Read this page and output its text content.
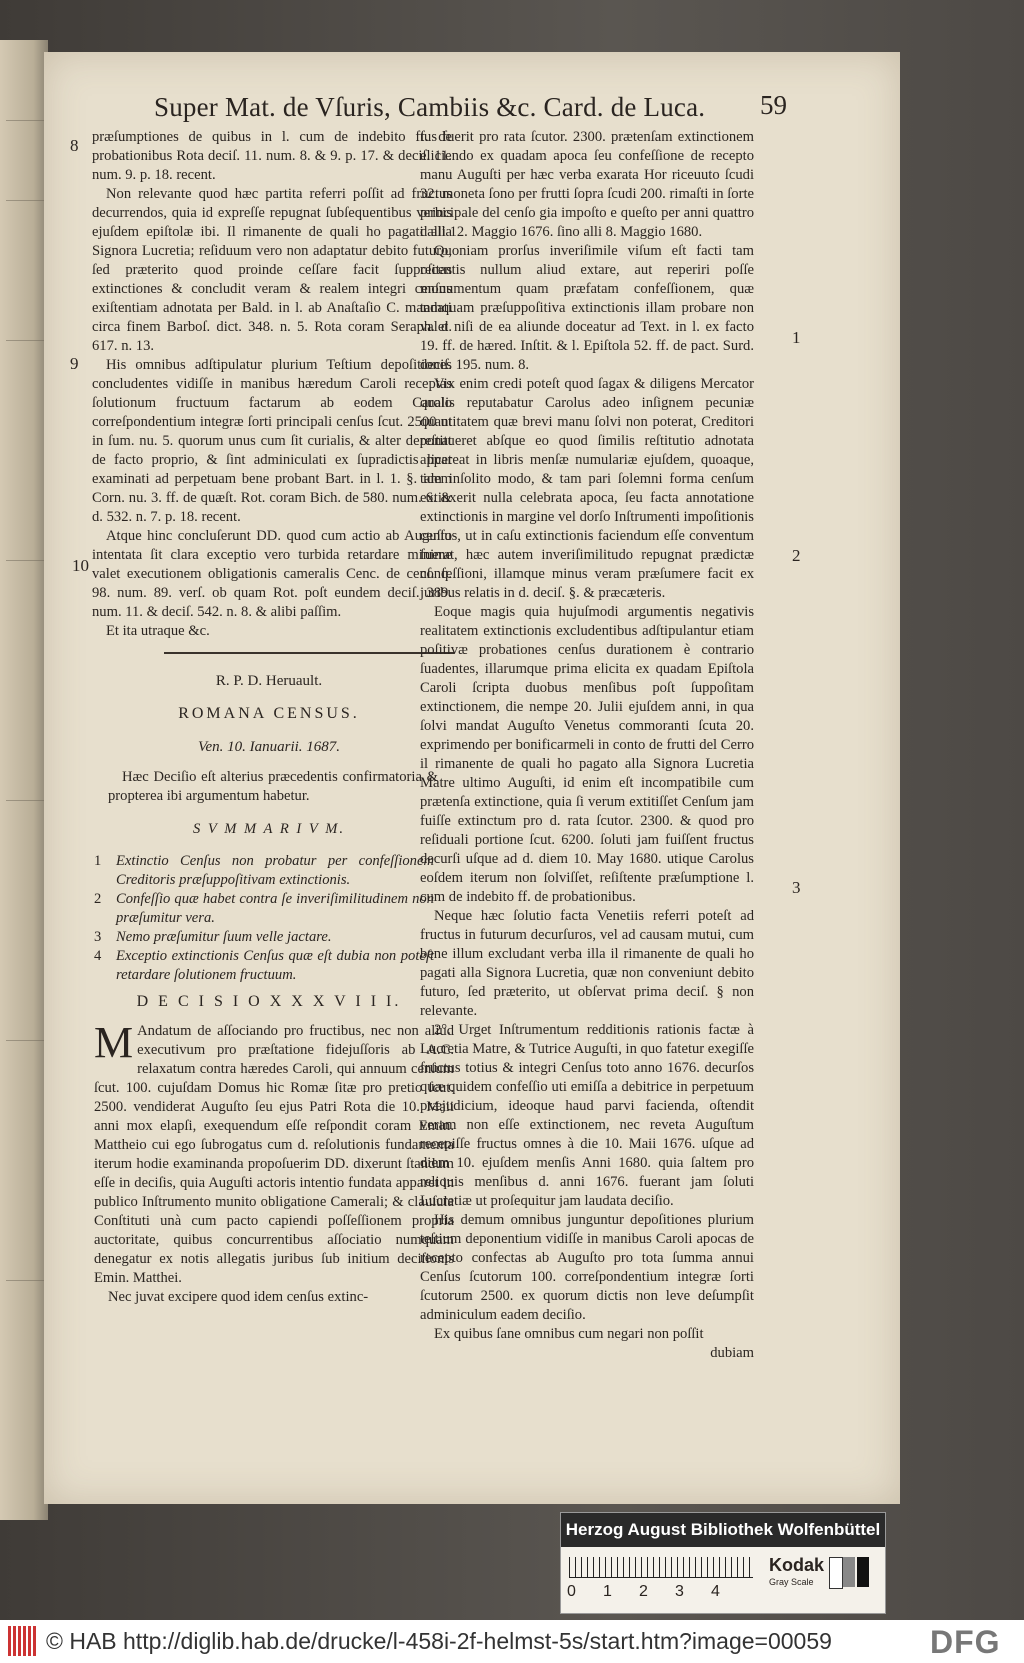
Super Mat. de Vſuris, Cambiis &c. Card. de Luca.	59
8
9
10
1
2
3

præſumptiones de quibus in l. cum de indebito ff. de probationibus Rota deciſ. 11. num. 8. & 9. p. 17. & deciſ. 11. num. 9. p. 18. recent.

Non relevante quod hæc partita referri poſſit ad fructus decurrendos, quia id expreſſe repugnat ſubſequentibus verbis ejuſdem epiſtolæ ibi. Il rimanente de quali ho pagati alla Signora Lucretia; reſiduum vero non adaptatur debito futuro, ſed præterito quod proinde ceſſare facit ſuppoſitas extinctiones & concludit veram & realem integri cenſus exiſtentiam adnotata per Bald. in l. ab Anaſtaſio C. mandati circa finem Barboſ. dict. 348. n. 5. Rota coram Seraph. d. 617. n. 13.

His omnibus adſtipulatur plurium Teſtium depoſitiones concludentes vidiſſe in manibus hæredum Caroli receptas ſolutionum fructuum factarum ab eodem Carolo correſpondentium integræ ſorti principali cenſus ſcut. 2500 ut in ſum. nu. 5. quorum unus cum ſit curialis, & alter deponat de facto proprio, & ſint adminiculati ex ſupradictis licet examinati ad perpetuam bene probant Bart. in l. 1. §. idem Corn. nu. 3. ff. de quæſt. Rot. coram Bich. de 580. num. 6. & d. 532. n. 7. p. 18. recent.

Atque hinc concluſerunt DD. quod cum actio ab Auguſto intentata ſit clara exceptio vero turbida retardare minime valet executionem obligationis cameralis Cenc. de cenſ. q. 98. num. 89. verſ. ob quam Rot. poſt eundem deciſ. 389. num. 11. & deciſ. 542. n. 8. & alibi paſſim.

Et ita utraque &c.

R. P. D. Heruault.
ROMANA CENSUS.
Ven. 10. Ianuarii. 1687.
Hæc Deciſio eſt alterius præcedentis confirmatoria & propterea ibi argumentum habetur.
S V M M A R I V M.
1 Extinctio Cenſus non probatur per confeſſionem Creditoris præſuppoſitivam extinctionis.
2 Confeſſio quæ habet contra ſe inveriſimilitudinem non præſumitur vera.
3 Nemo præſumitur ſuum velle jactare.
4 Exceptio extinctionis Cenſus quæ eſt dubia non poteſt retardare ſolutionem fructuum.
D E C I S I O X X X V I I I.
M Andatum de aſſociando pro fructibus, nec non aliud executivum pro præſtatione fidejuſſoris ab A.C. relaxatum contra hæredes Caroli, qui annuum cenſum ſcut. 100. cujuſdam Domus hic Romæ ſitæ pro pretio ſcut. 2500. vendiderat Auguſto ſeu ejus Patri Rota die 10. Maii anni mox elapſi, exequendum eſſe reſpondit coram Emin. Mattheio cui ego ſubrogatus cum d. reſolutionis fundamenta iterum hodie examinanda propoſuerim DD. dixerunt ſtandum eſſe in deciſis, quia Auguſti actoris intentio fundata apparet in publico Inſtrumento munito obligatione Camerali; & clauſula Conſtituti unà cum pacto capiendi poſſeſſionem propria auctoritate, quibus concurrentibus aſſociatio numquam denegatur ex notis allegatis juribus ſub initium deciſionis Emin. Matthei.

Nec juvat excipere quod idem cenſus extinc-

tus fuerit pro rata ſcutor. 2300. prætenſam extinctionem eliciendo ex quadam apoca ſeu confeſſione de recepto manu Auguſti per hæc verba exarata Hor riceuuto ſcudi 32. moneta ſono per frutti ſopra ſcudi 200. rimaſti in ſorte principale del cenſo gia impoſto e queſto per anni quattro dalli 12. Maggio 1676. ſino alli 8. Maggio 1680.

Quoniam prorſus inveriſimile viſum eſt facti tam recentis nullum aliud extare, aut reperiri poſſe monumentum quam præfatam confeſſionem, quæ tamquam præſuppoſitiva extinctionis illam probare non valet niſi de ea aliunde doceatur ad Text. in l. ex facto 19. ff. de hæred. Inſtit. & l. Epiſtola 52. ff. de pact. Surd. deciſ. 195. num. 8.

Vix enim credi poteſt quod ſagax & diligens Mercator qualis reputabatur Carolus adeo inſignem pecuniæ quantitatem quæ brevi manu ſolvi non poterat, Creditori reſtitueret abſque eo quod ſimilis reſtitutio adnotata appareat in libris menſæ numulariæ ejuſdem, quoaque, tam inſolito modo, & tam pari ſolemni forma cenſum extinxerit nulla celebrata apoca, ſeu facta annotatione extinctionis in margine vel dorſo Inſtrumenti impoſitionis cenſus, ut in caſu extinctionis faciendum eſſe conventum fuerat, hæc autem inveriſimilitudo repugnat prædictæ confeſſioni, illamque minus veram præſumere facit ex juribus relatis in d. deciſ. §. & præcæteris.

Eoque magis quia hujuſmodi argumentis negativis realitatem extinctionis excludentibus adſtipulantur etiam poſitivæ probationes cenſus durationem è contrario ſuadentes, illarumque prima elicita ex quadam Epiſtola Caroli ſcripta duobus menſibus poſt ſuppoſitam extinctionem, die nempe 20. Julii ejuſdem anni, in qua ſolvi mandat Auguſto Venetus commoranti ſcuta 20. exprimendo per bonificarmeli in conto de frutti del Cerro il rimanente de quali ho pagato alla Signora Lucretia Matre ultimo Auguſti, id enim eſt incompatibile cum prætenſa extinctione, quia ſi verum extitiſſet Cenſum jam fuiſſe extinctum pro d. rata ſcutor. 2300. & quod pro reſiduali portione ſcut. 6200. ſoluti jam fuiſſent fructus decurſi uſque ad d. diem 10. May 1680. utique Carolus eoſdem iterum non ſolviſſet, reſiſtente præſumptione l. cum de indebito ff. de probationibus.

Neque hæc ſolutio facta Venetiis referri poteſt ad fructus in futurum decurſuros, vel ad causam mutui, cum bene illum excludant verba illa il rimanente de quali ho pagati alla Signora Lucretia, quæ non conveniunt debito futuro, ſed præterito, ut obſervat prima deciſ. § non relevante.

2°. Urget Inſtrumentum redditionis rationis factæ à Lucretia Matre, & Tutrice Auguſti, in quo fatetur exegiſſe fructus totius & integri Cenſus toto anno 1676. decurſos quæ quidem confeſſio uti emiſſa a debitrice in perpetuum præjudicium, ideoque haud parvi facienda, oſtendit veram non eſſe extinctionem, nec reveta Auguſtum recepiſſe fructus omnes à die 10. Maii 1676. uſque ad diem 10. ejuſdem menſis Anni 1680. quia ſaltem pro reliquis menſibus d. anni 1676. fuerant jam ſoluti Lucretiæ ut proſequitur jam laudata deciſio.

His demum omnibus junguntur depoſitiones plurium teſtium deponentium vidiſſe in manibus Caroli apocas de recepto confectas ab Auguſto pro tota ſumma annui Cenſus ſcutorum 100. correſpondentium integræ ſorti ſcutorum 2500. ex quorum dictis non leve deſumpſit adminiculum eadem deciſio.

Ex quibus ſane omnibus cum negari non poſſit

dubiam
Herzog August Bibliothek Wolfenbüttel
0 1 2 3 4
Kodak
Gray Scale
© HAB http://diglib.hab.de/drucke/l-458i-2f-helmst-5s/start.htm?image=00059	DFG
